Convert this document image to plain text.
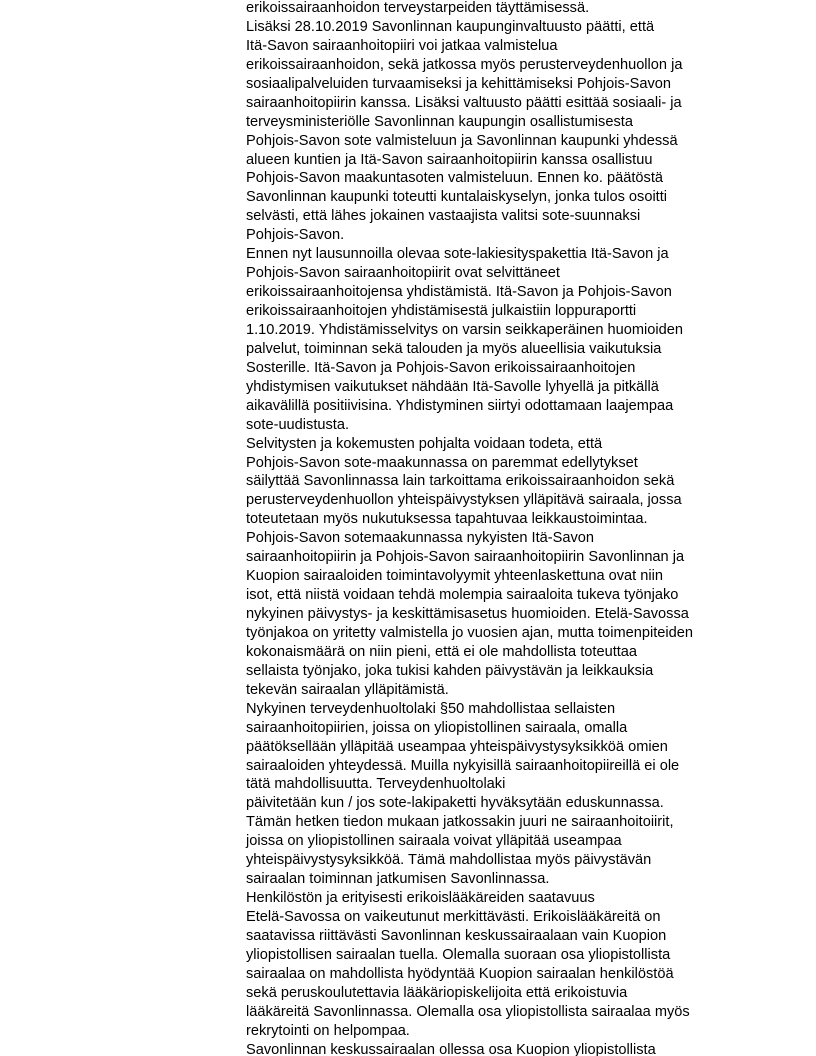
erikoissairaanhoidon terveystarpeiden täyttämisessä.
Lisäksi 28.10.2019 Savonlinnan kaupunginvaltuusto päätti, että
Itä-Savon sairaanhoitopiiri voi jatkaa valmistelua
erikoissairaanhoidon, sekä jatkossa myös perusterveydenhuollon ja
sosiaalipalveluiden turvaamiseksi ja kehittämiseksi Pohjois-Savon
sairaanhoitopiirin kanssa. Lisäksi valtuusto päätti esittää sosiaali- ja
terveysministeriölle Savonlinnan kaupungin osallistumisesta
Pohjois-Savon sote valmisteluun ja Savonlinnan kaupunki yhdessä
alueen kuntien ja Itä-Savon sairaanhoitopiirin kanssa osallistuu
Pohjois-Savon maakuntasoten valmisteluun. Ennen ko. päätöstä
Savonlinnan kaupunki toteutti kuntalaiskyselyn, jonka tulos osoitti
selvästi, että lähes jokainen vastaajista valitsi sote-suunnaksi
Pohjois-Savon.
Ennen nyt lausunnoilla olevaa sote-lakiesityspakettia Itä-Savon ja
Pohjois-Savon sairaanhoitopiirit ovat selvittäneet
erikoissairaanhoitojensa yhdistämistä. Itä-Savon ja Pohjois-Savon
erikoissairaanhoitojen yhdistämisestä julkaistiin loppuraportti
1.10.2019. Yhdistämisselvitys on varsin seikkaperäinen huomioiden
palvelut, toiminnan sekä talouden ja myös alueellisia vaikutuksia
Sosterille. Itä-Savon ja Pohjois-Savon erikoissairaanhoitojen
yhdistymisen vaikutukset nähdään Itä-Savolle lyhyellä ja pitkällä
aikavälillä positiivisina. Yhdistyminen siirtyi odottamaan laajempaa
sote-uudistusta.
Selvitysten ja kokemusten pohjalta voidaan todeta, että
Pohjois-Savon sote-maakunnassa on paremmat edellytykset
säilyttää Savonlinnassa lain tarkoittama erikoissairaanhoidon sekä
perusterveydenhuollon yhteispäivystyksen ylläpitävä sairaala, jossa
toteutetaan myös nukutuksessa tapahtuvaa leikkaustoimintaa.
Pohjois-Savon sotemaakunnassa nykyisten Itä-Savon
sairaanhoitopiirin ja Pohjois-Savon sairaanhoitopiirin Savonlinnan ja
Kuopion sairaaloiden toimintavolyymit yhteenlaskettuna ovat niin
isot, että niistä voidaan tehdä molempia sairaaloita tukeva työnjako
nykyinen päivystys- ja keskittämisasetus huomioiden. Etelä-Savossa
työnjakoa on yritetty valmistella jo vuosien ajan, mutta toimenpiteiden
kokonaismäärä on niin pieni, että ei ole mahdollista toteuttaa
sellaista työnjako, joka tukisi kahden päivystävän ja leikkauksia
tekevän sairaalan ylläpitämistä.
Nykyinen terveydenhuoltolaki §50 mahdollistaa sellaisten
sairaanhoitopiirien, joissa on yliopistollinen sairaala, omalla
päätöksellään ylläpitää useampaa yhteispäivystysyksikköä omien
sairaaloiden yhteydessä. Muilla nykyisillä sairaanhoitopiireillä ei ole
tätä mahdollisuutta. Terveydenhuoltolaki
päivitetään kun / jos sote-lakipaketti hyväksytään eduskunnassa.
Tämän hetken tiedon mukaan jatkossakin juuri ne sairaanhoitoiirit,
joissa on yliopistollinen sairaala voivat ylläpitää useampaa
yhteispäivystysyksikköä. Tämä mahdollistaa myös päivystävän
sairaalan toiminnan jatkumisen Savonlinnassa.
Henkilöstön ja erityisesti erikoislääkäreiden saatavuus
Etelä-Savossa on vaikeutunut merkittävästi. Erikoislääkäreitä on
saatavissa riittävästi Savonlinnan keskussairaalaan vain Kuopion
yliopistollisen sairaalan tuella. Olemalla suoraan osa yliopistollista
sairaalaa on mahdollista hyödyntää Kuopion sairaalan henkilöstöä
sekä peruskoulutettavia lääkäriopiskelijoita että erikoistuvia
lääkäreitä Savonlinnassa. Olemalla osa yliopistollista sairaalaa myös
rekrytointi on helpompaa.
Savonlinnan keskussairaalan ollessa osa Kuopion yliopistollista
